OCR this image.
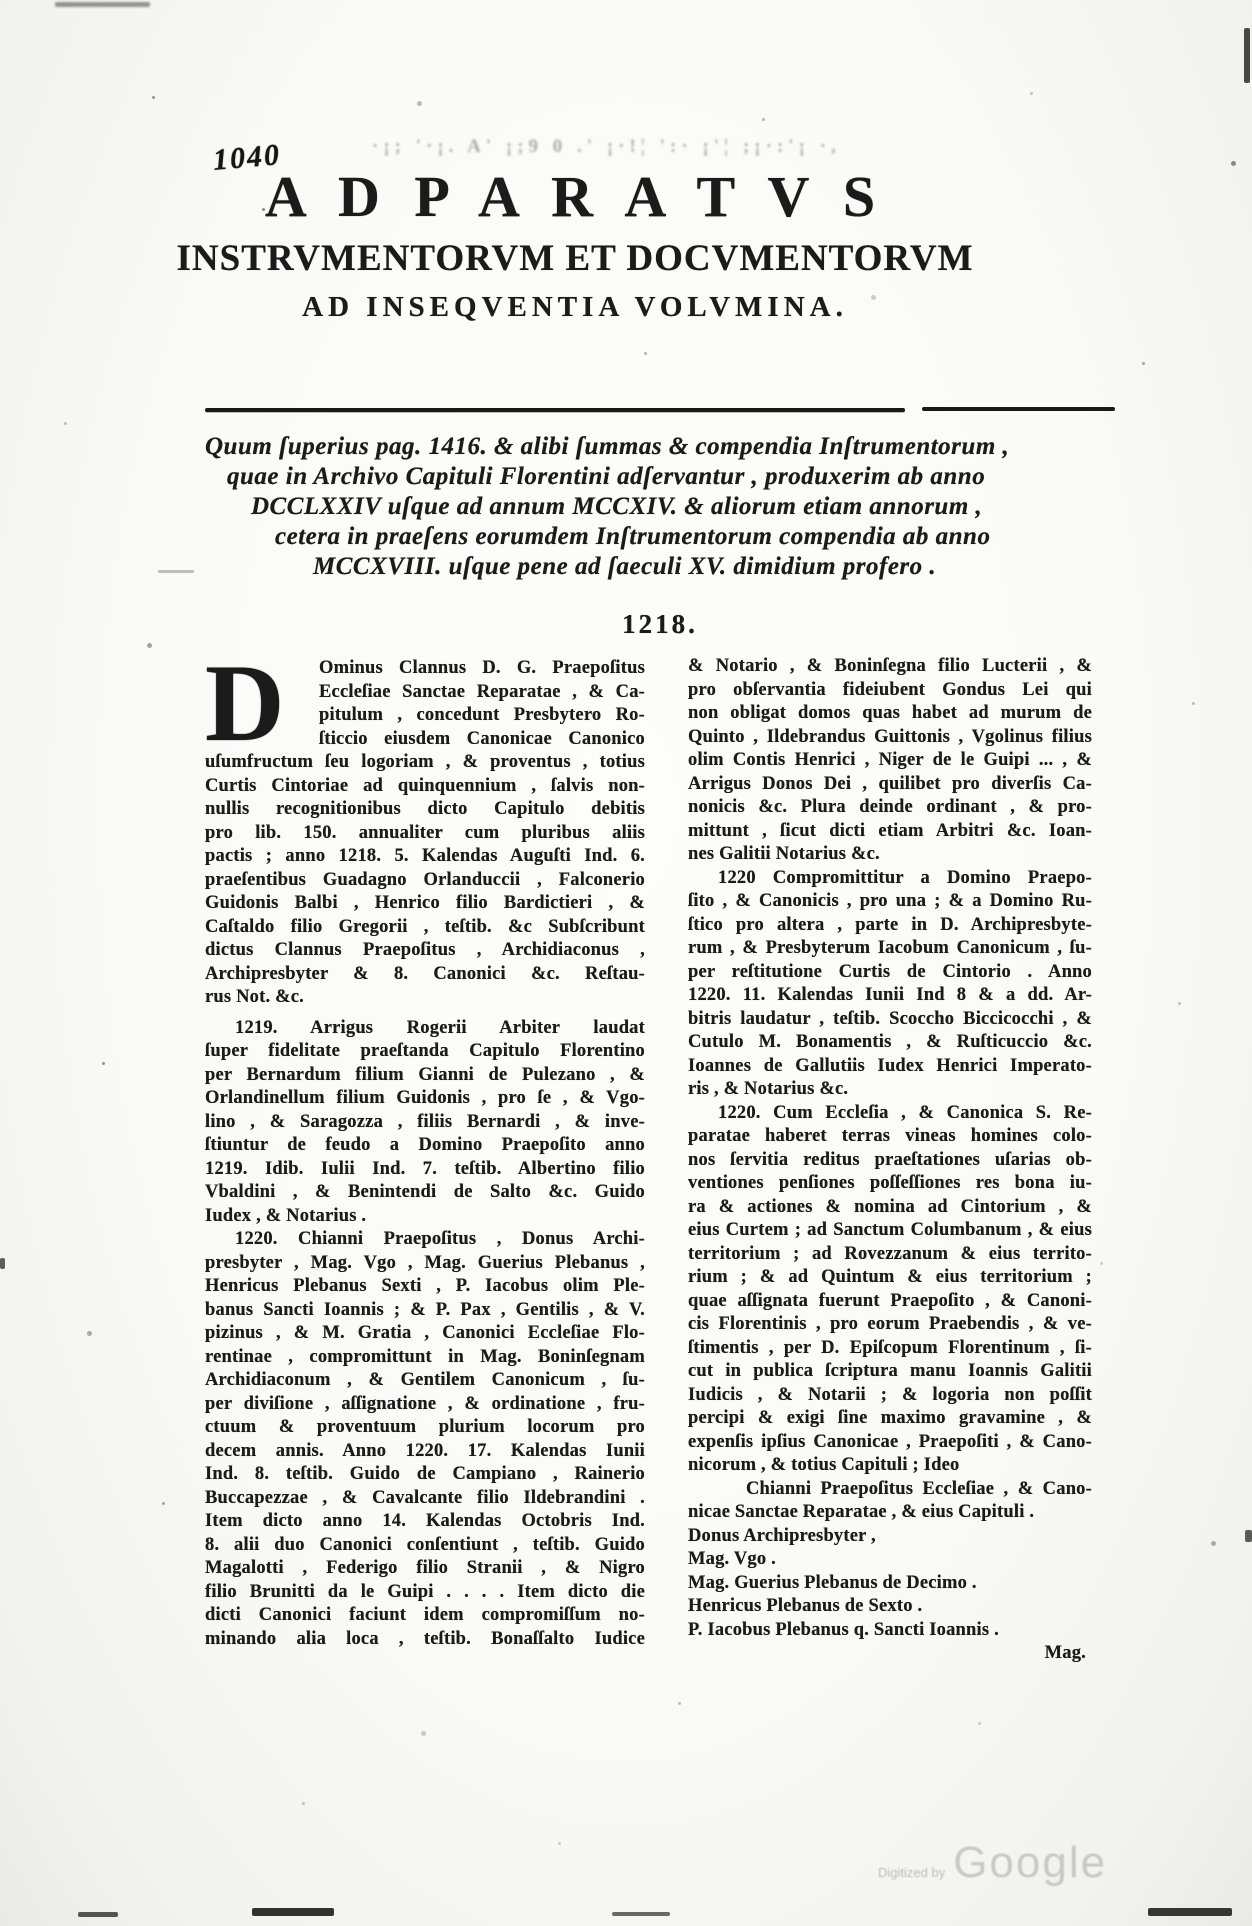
1040	·¡; '·¡. A' ¡;9 0 .' ¡·!¦ ':· ¡'¦ ;¡·:'¡ ·,
A D P A R A T V S
INSTRVMENTORVM ET DOCVMENTORVM
AD INSEQVENTIA VOLVMINA.
Quum ſuperius pag. 1416. & alibi ſummas & compendia Inſtrumentorum ,
quae in Archivo Capituli Florentini adſervantur , produxerim ab anno
DCCLXXIV uſque ad annum MCCXIV. & aliorum etiam annorum ,
cetera in praeſens eorumdem Inſtrumentorum compendia ab anno
MCCXVIII. uſque pene ad ſaeculi XV. dimidium profero .
1218.
D	Ominus Clannus D. G. Praepoſitus
Eccleſiae Sanctae Reparatae , & Ca-
pitulum , concedunt Presbytero Ro-
ſticcio eiusdem Canonicae Canonico
uſumfructum ſeu logoriam , & proventus , totius
Curtis Cintoriae ad quinquennium , ſalvis non-
nullis recognitionibus dicto Capitulo debitis
pro lib. 150. annualiter cum pluribus aliis
pactis ; anno 1218. 5. Kalendas Auguſti Ind. 6.
praeſentibus Guadagno Orlanduccii , Falconerio
Guidonis Balbi , Henrico filio Bardictieri , &
Caſtaldo filio Gregorii , teſtib. &c Subſcribunt
dictus Clannus Praepoſitus , Archidiaconus ,
Archipresbyter & 8. Canonici &c. Reſtau-
rus Not. &c.
1219. Arrigus Rogerii Arbiter laudat
ſuper fidelitate praeſtanda Capitulo Florentino
per Bernardum filium Gianni de Pulezano , &
Orlandinellum filium Guidonis , pro ſe , & Vgo-
lino , & Saragozza , filiis Bernardi , & inve-
ſtiuntur de feudo a Domino Praepoſito anno
1219. Idib. Iulii Ind. 7. teſtib. Albertino filio
Vbaldini , & Benintendi de Salto &c. Guido
Iudex , & Notarius .
1220. Chianni Praepoſitus , Donus Archi-
presbyter , Mag. Vgo , Mag. Guerius Plebanus ,
Henricus Plebanus Sexti , P. Iacobus olim Ple-
banus Sancti Ioannis ; & P. Pax , Gentilis , & V.
pizinus , & M. Gratia , Canonici Eccleſiae Flo-
rentinae , compromittunt in Mag. Boninſegnam
Archidiaconum , & Gentilem Canonicum , ſu-
per diviſione , aſſignatione , & ordinatione , fru-
ctuum & proventuum plurium locorum pro
decem annis. Anno 1220. 17. Kalendas Iunii
Ind. 8. teſtib. Guido de Campiano , Rainerio
Buccapezzae , & Cavalcante filio Ildebrandini .
Item dicto anno 14. Kalendas Octobris Ind.
8. alii duo Canonici conſentiunt , teſtib. Guido
Magalotti , Federigo filio Stranii , & Nigro
filio Brunitti da le Guipi . . . . Item dicto die
dicti Canonici faciunt idem compromiſſum no-
minando alia loca , teſtib. Bonaſſalto Iudice
& Notario , & Boninſegna filio Lucterii , &
pro obſervantia fideiubent Gondus Lei qui
non obligat domos quas habet ad murum de
Quinto , Ildebrandus Guittonis , Vgolinus filius
olim Contis Henrici , Niger de le Guipi ... , &
Arrigus Donos Dei , quilibet pro diverſis Ca-
nonicis &c. Plura deinde ordinant , & pro-
mittunt , ſicut dicti etiam Arbitri &c. Ioan-
nes Galitii Notarius &c.
1220 Compromittitur a Domino Praepo-
ſito , & Canonicis , pro una ; & a Domino Ru-
ſtico pro altera , parte in D. Archipresbyte-
rum , & Presbyterum Iacobum Canonicum , ſu-
per reſtitutione Curtis de Cintorio . Anno
1220. 11. Kalendas Iunii Ind 8 & a dd. Ar-
bitris laudatur , teſtib. Scoccho Biccicocchi , &
Cutulo M. Bonamentis , & Ruſticuccio &c.
Ioannes de Gallutiis Iudex Henrici Imperato-
ris , & Notarius &c.
1220. Cum Eccleſia , & Canonica S. Re-
paratae haberet terras vineas homines colo-
nos ſervitia reditus praeſtationes uſarias ob-
ventiones penſiones poſſeſſiones res bona iu-
ra & actiones & nomina ad Cintorium , &
eius Curtem ; ad Sanctum Columbanum , & eius
territorium ; ad Rovezzanum & eius territo-
rium ; & ad Quintum & eius territorium ;
quae aſſignata fuerunt Praepoſito , & Canoni-
cis Florentinis , pro eorum Praebendis , & ve-
ſtimentis , per D. Epiſcopum Florentinum , ſi-
cut in publica ſcriptura manu Ioannis Galitii
Iudicis , & Notarii ; & logoria non poſſit
percipi & exigi ſine maximo gravamine , &
expenſis ipſius Canonicae , Praepoſiti , & Cano-
nicorum , & totius Capituli ; Ideo
Chianni Praepoſitus Eccleſiae , & Cano-
nicae Sanctae Reparatae , & eius Capituli .
Donus Archipresbyter ,
Mag. Vgo .
Mag. Guerius Plebanus de Decimo .
Henricus Plebanus de Sexto .
P. Iacobus Plebanus q. Sancti Ioannis .
Mag.
Digitized by Google
